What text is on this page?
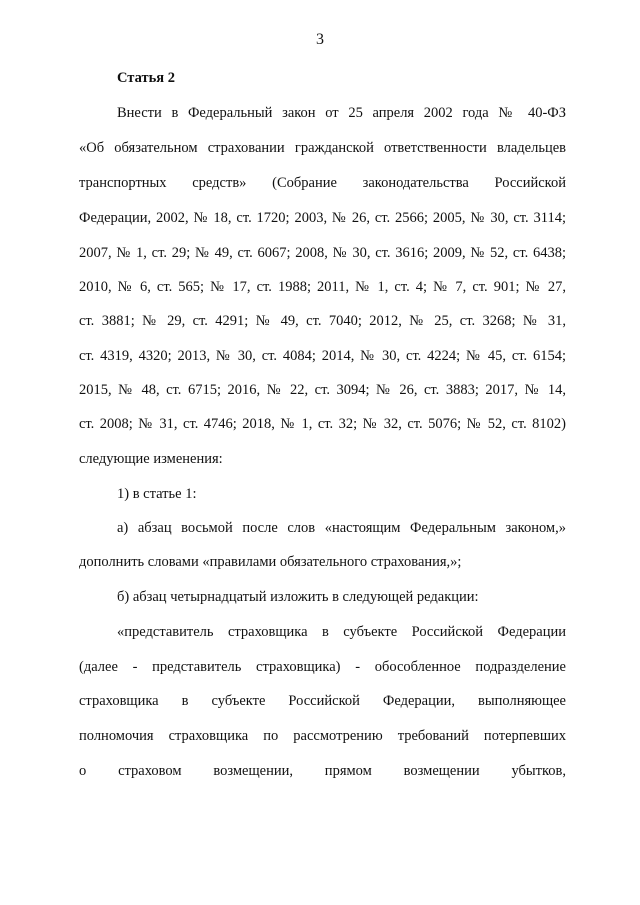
3
Статья 2
Внести в Федеральный закон от 25 апреля 2002 года № 40-ФЗ
«Об обязательном страховании гражданской ответственности владельцев
транспортных средств» (Собрание законодательства Российской
Федерации, 2002, № 18, ст. 1720; 2003, № 26, ст. 2566; 2005, № 30, ст. 3114;
2007, № 1, ст. 29; № 49, ст. 6067; 2008, № 30, ст. 3616; 2009, № 52, ст. 6438;
2010, № 6, ст. 565; № 17, ст. 1988; 2011, № 1, ст. 4; № 7, ст. 901; № 27,
ст. 3881; № 29, ст. 4291; № 49, ст. 7040; 2012, № 25, ст. 3268; № 31,
ст. 4319, 4320; 2013, № 30, ст. 4084; 2014, № 30, ст. 4224; № 45, ст. 6154;
2015, № 48, ст. 6715; 2016, № 22, ст. 3094; № 26, ст. 3883; 2017, № 14,
ст. 2008; № 31, ст. 4746; 2018, № 1, ст. 32; № 32, ст. 5076; № 52, ст. 8102)
следующие изменения:
1) в статье 1:
а) абзац восьмой после слов «настоящим Федеральным законом,»
дополнить словами «правилами обязательного страхования,»;
б) абзац четырнадцатый изложить в следующей редакции:
«представитель страховщика в субъекте Российской Федерации
(далее - представитель страховщика) - обособленное подразделение
страховщика в субъекте Российской Федерации, выполняющее
полномочия страховщика по рассмотрению требований потерпевших
о страховом возмещении, прямом возмещении убытков,
